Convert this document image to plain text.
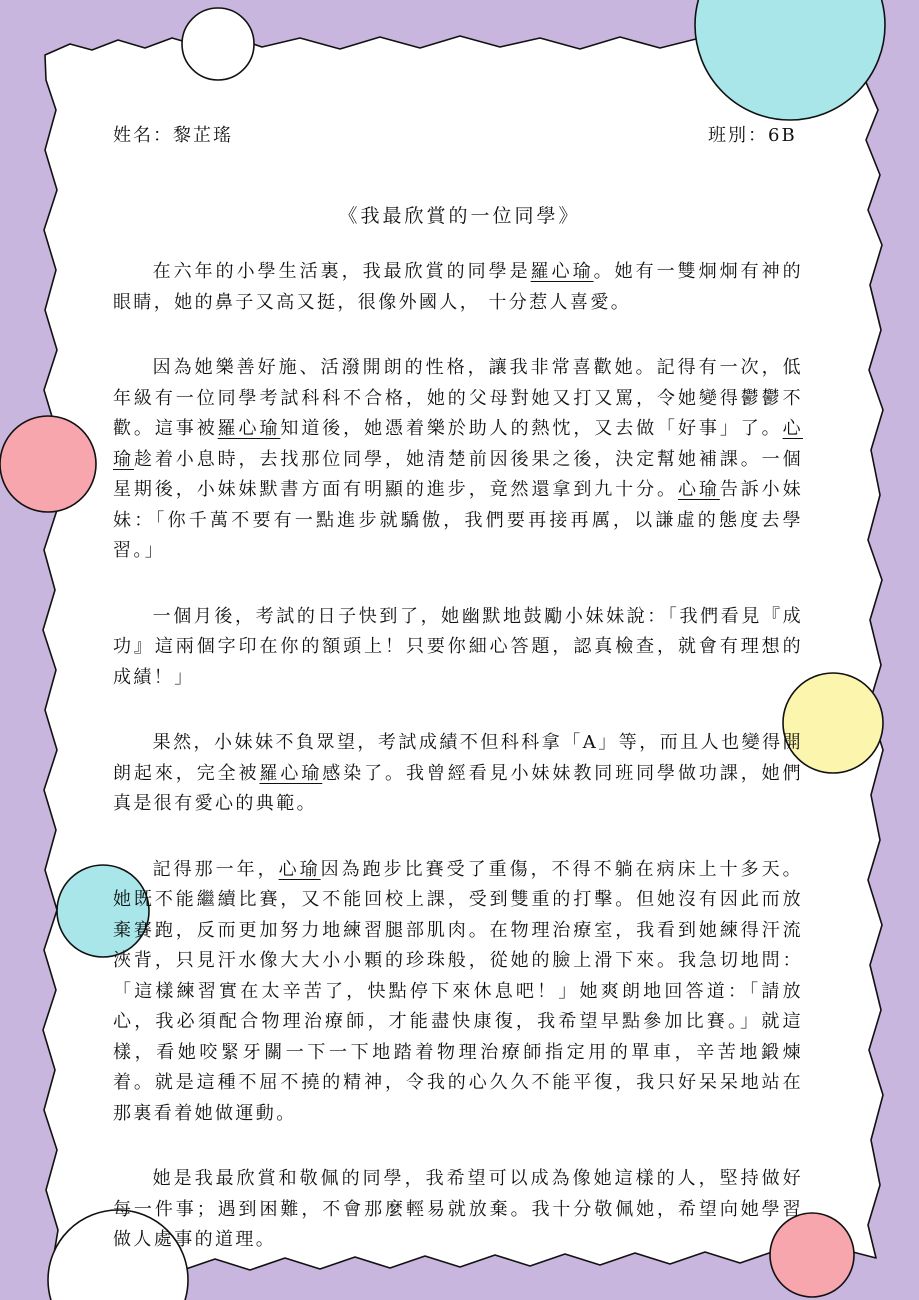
姓名：黎芷瑤	班別：6B
《我最欣賞的一位同學》

在六年的小學生活裏，我最欣賞的同學是羅心瑜。她有一雙炯炯有神的眼睛，她的鼻子又高又挺，很像外國人， 十分惹人喜愛。

因為她樂善好施、活潑開朗的性格，讓我非常喜歡她。記得有一次，低年級有一位同學考試科科不合格，她的父母對她又打又罵，令她變得鬱鬱不歡。這事被羅心瑜知道後，她憑着樂於助人的熱忱，又去做「好事」了。心瑜趁着小息時，去找那位同學，她清楚前因後果之後，決定幫她補課。一個星期後，小妹妹默書方面有明顯的進步，竟然還拿到九十分。心瑜告訴小妹妹：「你千萬不要有一點進步就驕傲，我們要再接再厲，以謙虛的態度去學習。」

一個月後，考試的日子快到了，她幽默地鼓勵小妹妹說：「我們看見『成功』這兩個字印在你的額頭上！只要你細心答題，認真檢查，就會有理想的成績！」

果然，小妹妹不負眾望，考試成績不但科科拿「A」等，而且人也變得開朗起來，完全被羅心瑜感染了。我曾經看見小妹妹教同班同學做功課，她們真是很有愛心的典範。

記得那一年，心瑜因為跑步比賽受了重傷，不得不躺在病床上十多天。她既不能繼續比賽，又不能回校上課，受到雙重的打擊。但她沒有因此而放棄賽跑，反而更加努力地練習腿部肌肉。在物理治療室，我看到她練得汗流浹背，只見汗水像大大小小顆的珍珠般，從她的臉上滑下來。我急切地問：「這樣練習實在太辛苦了，快點停下來休息吧！」她爽朗地回答道：「請放心，我必須配合物理治療師，才能盡快康復，我希望早點參加比賽。」就這樣，看她咬緊牙關一下一下地踏着物理治療師指定用的單車，辛苦地鍛煉着。就是這種不屈不撓的精神，令我的心久久不能平復，我只好呆呆地站在那裏看着她做運動。

她是我最欣賞和敬佩的同學，我希望可以成為像她這樣的人，堅持做好每一件事；遇到困難，不會那麼輕易就放棄。我十分敬佩她，希望向她學習做人處事的道理。
